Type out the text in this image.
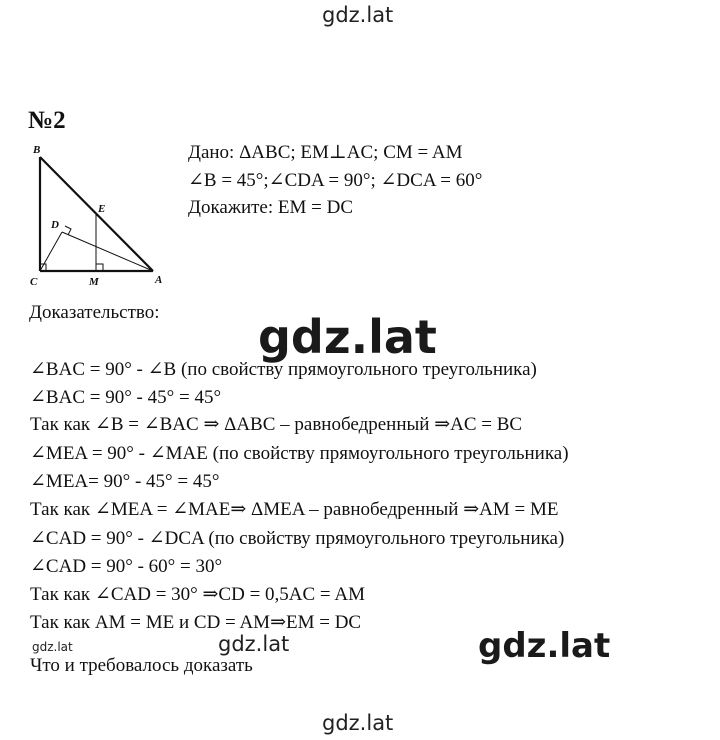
gdz.lat
№2
B
E
D
C	M	A
Дано: ΔABC; EM⊥AC; CM = AM
∠B = 45°;∠CDA = 90°; ∠DCA = 60°
Докажите: EM = DC
Доказательство: gdz.lat
∠BAC = 90° - ∠B (по свойству прямоугольного треугольника)
∠BAC = 90° - 45° = 45°
Так как ∠B = ∠BAC ⇒ ΔABC – равнобедренный ⇒AC = BC
∠MEA = 90° - ∠MAE (по свойству прямоугольного треугольника)
∠MEA= 90° - 45° = 45°
Так как ∠MEA = ∠MAE⇒ ΔMEA – равнобедренный ⇒AM = ME
∠CAD = 90° - ∠DCA (по свойству прямоугольного треугольника)
∠CAD = 90° - 60° = 30°
Так как ∠CAD = 30° ⇒CD = 0,5AC = AM
Так как AM = ME и CD = AM⇒EM = DC
gdz.lat	gdz.lat	gdz.lat
Что и требовалось доказать
gdz.lat
